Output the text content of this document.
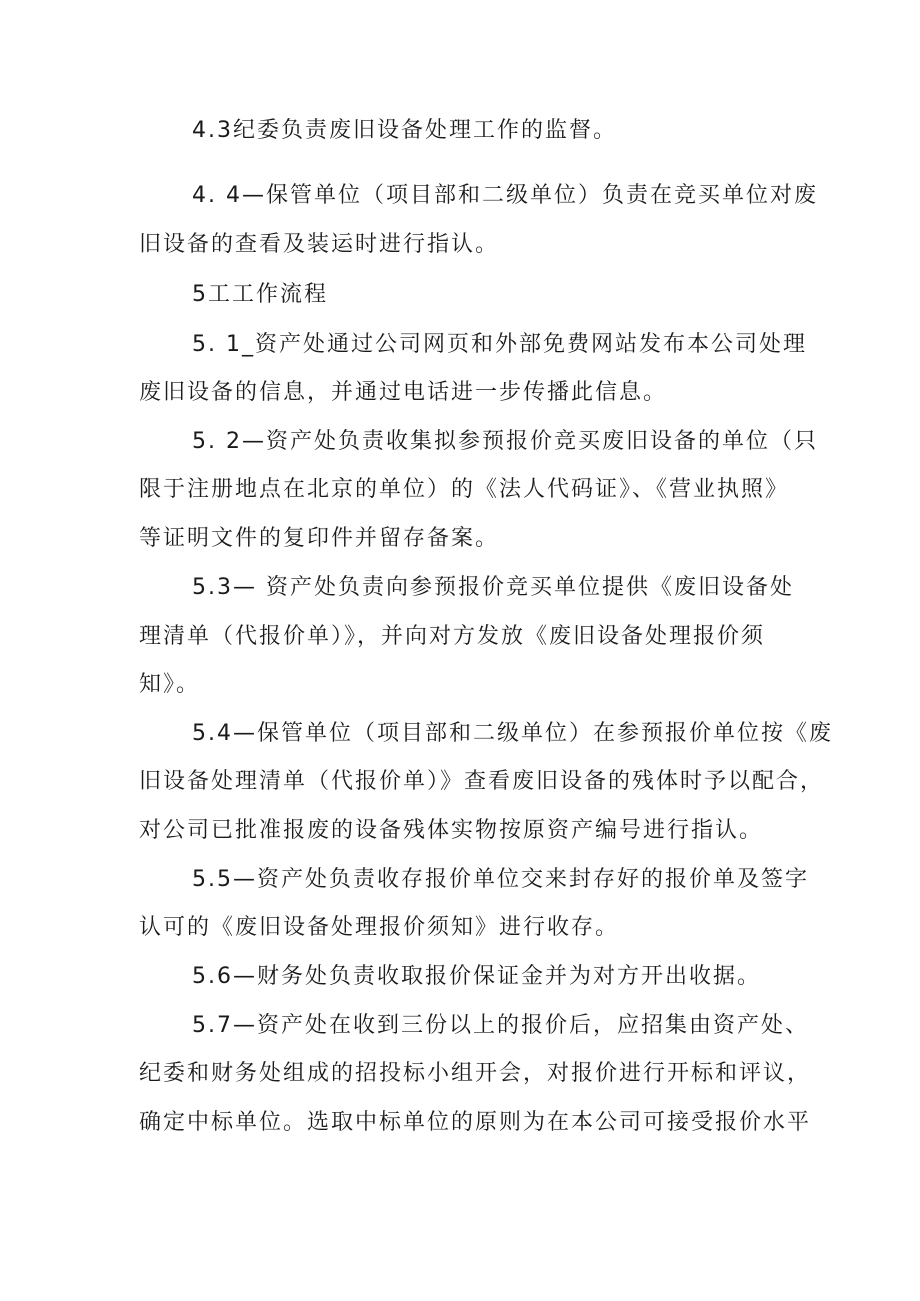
4.3纪委负责废旧设备处理工作的监督。
4. 4—保管单位（项目部和二级单位）负责在竞买单位对废
旧设备的查看及装运时进行指认。
5工工作流程
5. 1_资产处通过公司网页和外部免费网站发布本公司处理
废旧设备的信息，并通过电话进一步传播此信息。
5. 2—资产处负责收集拟参预报价竞买废旧设备的单位（只
限于注册地点在北京的单位）的《法人代码证》、《营业执照》
等证明文件的复印件并留存备案。
5.3— 资产处负责向参预报价竞买单位提供《废旧设备处
理清单（代报价单）》，并向对方发放《废旧设备处理报价须
知》。
5.4—保管单位（项目部和二级单位）在参预报价单位按《废
旧设备处理清单（代报价单）》查看废旧设备的残体时予以配合，
对公司已批准报废的设备残体实物按原资产编号进行指认。
5.5—资产处负责收存报价单位交来封存好的报价单及签字
认可的《废旧设备处理报价须知》进行收存。
5.6—财务处负责收取报价保证金并为对方开出收据。
5.7—资产处在收到三份以上的报价后，应招集由资产处、
纪委和财务处组成的招投标小组开会，对报价进行开标和评议，
确定中标单位。选取中标单位的原则为在本公司可接受报价水平
